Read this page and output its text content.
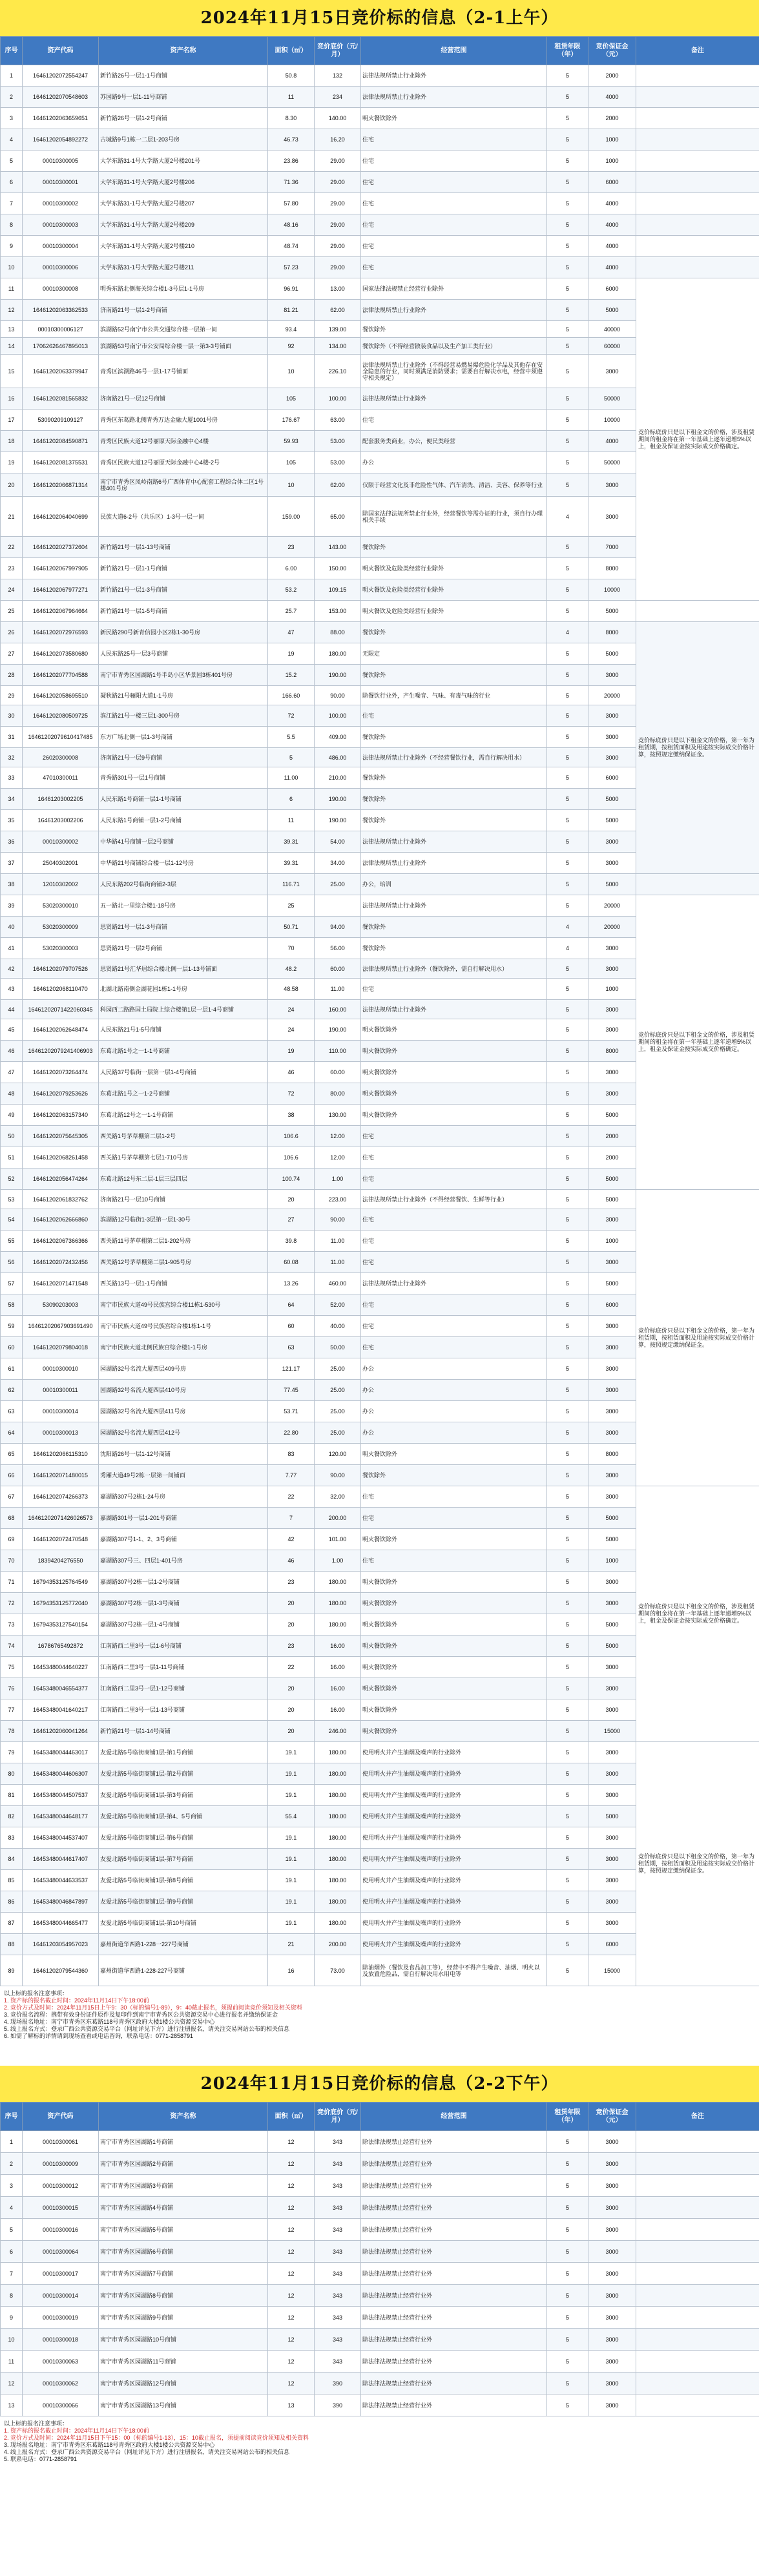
2024年11月15日竞价标的信息（2-1上午）
序号	资产代码	资产名称	面积（㎡）	竞价底价（元/月）	经营范围	租赁年限（年）	竞价保证金（元）	备注
1	16461202072554247	新竹路26号一层1-1号商铺	50.8	132	法律法规所禁止行业除外	5	2000	
2	16461202070548603	苏园路9号一层1-11号商铺	11	234	法律法规所禁止行业除外	5	4000	
3	16461202063659651	新竹路26号一层1-2号商铺	8.30	140.00	明火餐饮除外	5	2000	
4	16461202054892272	古城路9号1栋一二层1-203号房	46.73	16.20	住宅	5	1000	
5	00010300005	大学东路31-1号大学路大厦2号楼201号	23.86	29.00	住宅	5	1000	
6	00010300001	大学东路31-1号大学路大厦2号楼206	71.36	29.00	住宅	5	6000	
7	00010300002	大学东路31-1号大学路大厦2号楼207	57.80	29.00	住宅	5	4000	
8	00010300003	大学东路31-1号大学路大厦2号楼209	48.16	29.00	住宅	5	4000	
9	00010300004	大学东路31-1号大学路大厦2号楼210	48.74	29.00	住宅	5	4000	
10	00010300006	大学东路31-1号大学路大厦2号楼211	57.23	29.00	住宅	5	4000	
11	00010300008	明秀东路北侧海关综合楼1-3号层1-1号房	96.91	13.00	国家法律法规禁止经营行业除外	5	6000	竞价标底价只是以下租金文的价格，涉及租赁期间的租金将在第一年基础上逐年递增5%以上，租金及保证金按实际成交价格确定。
12	16461202063362533	济南路21号一层1-2号商铺	81.21	62.00	法律法规所禁止行业除外	5	5000	
13	00010300006127	滨湖路52号南宁市公共交通综合楼一层第一间	93.4	139.00	餐饮除外	5	40000	
14	17062626467895013	滨湖路53号南宁市公安局综合楼一层一第3-3号铺面	92	134.00	餐饮除外（不得经营散装食品以及生产加工类行业）	5	60000	
15	16461202063379947	青秀区滨湖路46号一层1-17号铺面	10	226.10	法律法规所禁止行业除外（不得经营易燃易爆危险化学品及其他存在安全隐患的行业，同时须满足消防要求；需要自行解决水电，经营中须遵守相关规定）	5	3000	
16	16461202081565832	济南路21号一层12号商铺	105	100.00	法律法规所禁止行业除外	5	50000	
17	53090209109127	青秀区东葛路北侧青秀万达金融大厦1001号房	176.67	63.00	住宅	5	10000	
18	16461202084590871	青秀区民族大道12号丽原天际金融中心4楼	59.93	53.00	配套服务类商业，办公，便民类经营	5	4000	
19	16461202081375531	青秀区民族大道12号丽原天际金融中心4楼-2号	105	53.00	办公	5	50000	
20	16461202066871314	南宁市青秀区凤岭南路6号广西体育中心配套工程综合体二区1号楼401号房	10	62.00	仅限于经营文化及非危险性气体、汽车清洗、清洁、美容、保养等行业	5	3000	
21	16461202064040699	民族大道6-2号（共乐区）1-3号一层一间	159.00	65.00	除国家法律法规所禁止行业外，经营餐饮等需办证的行业，须自行办理相关手续	4	3000	
22	16461202027372604	新竹路21号一层1-13号商铺	23	143.00	餐饮除外	5	7000	
23	16461202067997905	新竹路21号一层1-1号商铺	6.00	150.00	明火餐饮及危险类经营行业除外	5	8000	
24	16461202067977271	新竹路21号一层1-3号商铺	53.2	109.15	明火餐饮及危险类经营行业除外	5	10000	
25	16461202067964664	新竹路21号一层1-5号商铺	25.7	153.00	明火餐饮及危险类经营行业除外	5	5000	
26	16461202072976593	新民路290号新青信园小区2栋1-30号房	47	88.00	餐饮除外	4	8000	竞价标底价只是以下租金文的价格，第一年为租赁期，按租赁面积及用途按实际成交价格计算，按照规定缴纳保证金。
27	16461202073580680	人民东路25号一层3号商铺	19	180.00	无限定	5	5000	
28	16461202077704588	南宁市青秀区园湖路1号半岛小区华景园3栋401号房	15.2	190.00	餐饮除外	5	3000	
29	16461202058695510	凝秋路21号骊阳大道1-1号房	166.60	90.00	除餐饮行业外，产生噪音、气味、有毒气味的行业	5	20000	
30	16461202080509725	滨江路21号一楼三层1-300号房	72	100.00	住宅	5	3000	
31	16461202079610417485	东方广场北侧一层1-3号商铺	5.5	409.00	餐饮除外	5	3000	
32	26020300008	济南路21号一层9号商铺	5	486.00	法律法规所禁止行业除外（不经营餐饮行业，需自行解决用水）	5	3000	
33	47010300011	青秀路301号一层1号商铺	11.00	210.00	餐饮除外	5	6000	
34	16461203002205	人民东路1号商铺一层1-1号商铺	6	190.00	餐饮除外	5	5000	
35	16461203002206	人民东路1号商铺一层1-2号商铺	11	190.00	餐饮除外	5	5000	
36	00010300002	中华路41号商铺一层2号商铺	39.31	54.00	法律法规所禁止行业除外	5	3000	
37	25040302001	中华路21号商铺综合楼一层1-12号房	39.31	34.00	法律法规所禁止行业除外	5	3000	
38	12010302002	人民东路202号临街商铺2-3层	116.71	25.00	办公，培训	5	5000	
39	53020300010	五一路北一里综合楼1-18号房	25		法律法规所禁止行业除外	5	20000	竞价标底价只是以下租金文的价格，涉及租赁期间的租金将在第一年基础上逐年递增5%以上，租金及保证金按实际成交价格确定。
40	53020300009	思贤路21号一层1-3号商铺	50.71	94.00	餐饮除外	4	20000	
41	53020300003	思贤路21号一层2号商铺	70	56.00	餐饮除外	4	3000	
42	16461202079707526	思贤路21号汇华居综合楼北侧一层1-13号铺面	48.2	60.00	法律法规所禁止行业除外（餐饮除外，需自行解决用水）	5	3000	
43	16461202068110470	北湖北路南侧金湖花园1栋1-1号房	48.58	11.00	住宅	5	1000	
44	16461202071422060345	科园西二路路国土局院上综合楼第1层一层1-4号商铺	24	160.00	法律法规所禁止行业除外	5	3000	
45	16461202062648474	人民东路21号1-5号商铺	24	190.00	明火餐饮除外	5	3000	
46	16461202079241406903	东葛北路1号之一1-1号商铺	19	110.00	明火餐饮除外	5	8000	
47	16461202073264474	人民路37号临街一层第一层1-4号商铺	46	60.00	明火餐饮除外	5	3000	
48	16461202079253626	东葛北路1号之一1-2号商铺	72	80.00	明火餐饮除外	5	3000	
49	16461202063157340	东葛北路12号之一1-1号商铺	38	130.00	明火餐饮除外	5	5000	
50	16461202075645305	西关路1号茅草棚第二层1-2号	106.6	12.00	住宅	5	2000	
51	16461202068261458	西关路1号茅草棚第七层1-710号房	106.6	12.00	住宅	5	2000	
52	16461202056474264	东葛北路12号东二层-1层三层四层	100.74	1.00	住宅	5	5000	
53	16461202061832762	济南路21号一层10号商铺	20	223.00	法律法规所禁止行业除外（不得经营餐饮、生鲜等行业）	5	5000	竞价标底价只是以下租金文的价格，第一年为租赁期，按租赁面积及用途按实际成交价格计算，按照规定缴纳保证金。
54	16461202062666860	滨湖路12号临街1-3层第一层1-30号	27	90.00	住宅	5	3000	
55	16461202067366366	西关路11号茅草棚第二层1-202号房	39.8	11.00	住宅	5	1000	
56	16461202072432456	西关路12号茅草棚第二层1-905号房	60.08	11.00	住宅	5	3000	
57	16461202071471548	西关路13号一层1-1号商铺	13.26	460.00	法律法规所禁止行业除外	5	5000	
58	53090203003	南宁市民族大道49号民族宫综合楼11栋1-530号	64	52.00	住宅	5	6000	
59	16461202067903691490	南宁市民族大道49号民族宫综合楼1栋1-1号	60	40.00	住宅	5	3000	
60	16461202079804018	南宁市民族大道北侧民族宫综合楼1-1号房	63	50.00	住宅	5	3000	
61	00010300010	园湖路32号名流大厦四层409号房	121.17	25.00	办公	5	3000	
62	00010300011	园湖路32号名流大厦四层410号房	77.45	25.00	办公	5	3000	
63	00010300014	园湖路32号名流大厦四层411号房	53.71	25.00	办公	5	3000	
64	00010300013	园湖路32号名流大厦四层412号	22.80	25.00	办公	5	3000	
65	16461202066115310	沈阳路26号一层1-12号商铺	83	120.00	明火餐饮除外	5	8000	
66	16461202071480015	秀厢大道49号2栋一层第一间铺面	7.77	90.00	餐饮除外	5	3000	
67	16461202074266373	嘉湖路307号2栋1-24号房	22	32.00	住宅	5	3000	竞价标底价只是以下租金文的价格，涉及租赁期间的租金将在第一年基础上逐年递增5%以上，租金及保证金按实际成交价格确定。
68	16461202071426026573	嘉湖路301号一层1-201号商铺	7	200.00	住宅	5	5000	
69	16461202072470548	嘉湖路307号1-1、2、3号商铺	42	101.00	明火餐饮除外	5	5000	
70	18394204276550	嘉湖路307号三、四层1-401号房	46	1.00	住宅	5	1000	
71	16794353125764549	嘉湖路307号2栋一层1-2号商铺	23	180.00	明火餐饮除外	5	3000	
72	16794353125772040	嘉湖路307号2栋一层1-3号商铺	20	180.00	明火餐饮除外	5	3000	
73	16794353127540154	嘉湖路307号2栋一层1-4号商铺	20	180.00	明火餐饮除外	5	5000	
74	16786765492872	江南路西二里3号一层1-6号商铺	23	16.00	明火餐饮除外	5	5000	
75	16453480044640227	江南路西二里3号一层1-11号商铺	22	16.00	明火餐饮除外	5	3000	
76	16453480046554377	江南路西二里3号一层1-12号商铺	20	16.00	明火餐饮除外	5	3000	
77	16453480041640217	江南路西二里3号一层1-13号商铺	20	16.00	明火餐饮除外	5	3000	
78	16461202060041264	新竹路21号一层1-14号商铺	20	246.00	明火餐饮除外	5	15000	
79	16453480044463017	友爱北路5号临街商铺1层-第1号商铺	19.1	180.00	使用明火并产生油烟及噪声的行业除外	5	3000	竞价标底价只是以下租金文的价格，第一年为租赁期，按租赁面积及用途按实际成交价格计算，按照规定缴纳保证金。
80	16453480044606307	友爱北路5号临街商铺1层-第2号商铺	19.1	180.00	使用明火并产生油烟及噪声的行业除外	5	3000	
81	16453480044507537	友爱北路5号临街商铺1层-第3号商铺	19.1	180.00	使用明火并产生油烟及噪声的行业除外	5	3000	
82	16453480044648177	友爱北路5号临街商铺1层-第4、5号商铺	55.4	180.00	使用明火并产生油烟及噪声的行业除外	5	5000	
83	16453480044537407	友爱北路5号临街商铺1层-第6号商铺	19.1	180.00	使用明火并产生油烟及噪声的行业除外	5	3000	
84	16453480044617407	友爱北路5号临街商铺1层-第7号商铺	19.1	180.00	使用明火并产生油烟及噪声的行业除外	5	3000	
85	16453480044633537	友爱北路5号临街商铺1层-第8号商铺	19.1	180.00	使用明火并产生油烟及噪声的行业除外	5	3000	
86	16453480046847897	友爱北路5号临街商铺1层-第9号商铺	19.1	180.00	使用明火并产生油烟及噪声的行业除外	5	3000	
87	16453480044665477	友爱北路5号临街商铺1层-第10号商铺	19.1	180.00	使用明火并产生油烟及噪声的行业除外	5	3000	
88	16461203054957023	嘉州街道华西路1-228一227号商铺	21	200.00	使用明火并产生油烟及噪声的行业除外	5	6000	
89	16461202079544360	嘉州街道华西路1-228-227号商铺	16	73.00	除油烟外（餐饮及食品加工等），经营中不得产生噪音、油烟、明火以及放置危险品，需自行解决用水用电等	5	15000	
以上标的报名注意事项：
1. 资产标的报名截止时间：2024年11月14日下午18:00前
2. 竞价方式及时间：2024年11月15日上午9：30（标的编号1-89），9：40截止报名，须提前阅读竞价须知及相关资料
3. 竞价报名流程：携带有效身份证件原件及复印件到南宁市青秀区公共资源交易中心进行报名并缴纳保证金
4. 现场报名地址：南宁市青秀区东葛路118号青秀区政府大楼1楼公共资源交易中心
5. 线上报名方式：登录广西公共资源交易平台（网址详见下方）进行注册报名，请关注交易网站公布的相关信息
6. 如需了解标的详情请到现场查看或电话咨询，联系电话：0771-2858791
2024年11月15日竞价标的信息（2-2下午）
序号	资产代码	资产名称	面积（㎡）	竞价底价（元/月）	经营范围	租赁年限（年）	竞价保证金（元）	备注
1	00010300061	南宁市青秀区园湖路1号商铺	12	343	除法律法规禁止经营行业外	5	3000	
2	00010300009	南宁市青秀区园湖路2号商铺	12	343	除法律法规禁止经营行业外	5	3000	
3	00010300012	南宁市青秀区园湖路3号商铺	12	343	除法律法规禁止经营行业外	5	3000	
4	00010300015	南宁市青秀区园湖路4号商铺	12	343	除法律法规禁止经营行业外	5	3000	
5	00010300016	南宁市青秀区园湖路5号商铺	12	343	除法律法规禁止经营行业外	5	3000	
6	00010300064	南宁市青秀区园湖路6号商铺	12	343	除法律法规禁止经营行业外	5	3000	
7	00010300017	南宁市青秀区园湖路7号商铺	12	343	除法律法规禁止经营行业外	5	3000	
8	00010300014	南宁市青秀区园湖路8号商铺	12	343	除法律法规禁止经营行业外	5	3000	
9	00010300019	南宁市青秀区园湖路9号商铺	12	343	除法律法规禁止经营行业外	5	3000	
10	00010300018	南宁市青秀区园湖路10号商铺	12	343	除法律法规禁止经营行业外	5	3000	
11	00010300063	南宁市青秀区园湖路11号商铺	12	343	除法律法规禁止经营行业外	5	3000	
12	00010300062	南宁市青秀区园湖路12号商铺	12	390	除法律法规禁止经营行业外	5	3000	
13	00010300066	南宁市青秀区园湖路13号商铺	13	390	除法律法规禁止经营行业外	5	3000	
以上标的报名注意事项：
1. 资产标的报名截止时间：2024年11月14日下午18:00前
2. 竞价方式及时间：2024年11月15日下午15：00（标的编号1-13），15：10截止报名，须提前阅读竞价须知及相关资料
3. 现场报名地址：南宁市青秀区东葛路118号青秀区政府大楼1楼公共资源交易中心
4. 线上报名方式：登录广西公共资源交易平台（网址详见下方）进行注册报名，请关注交易网站公布的相关信息
5. 联系电话：0771-2858791
